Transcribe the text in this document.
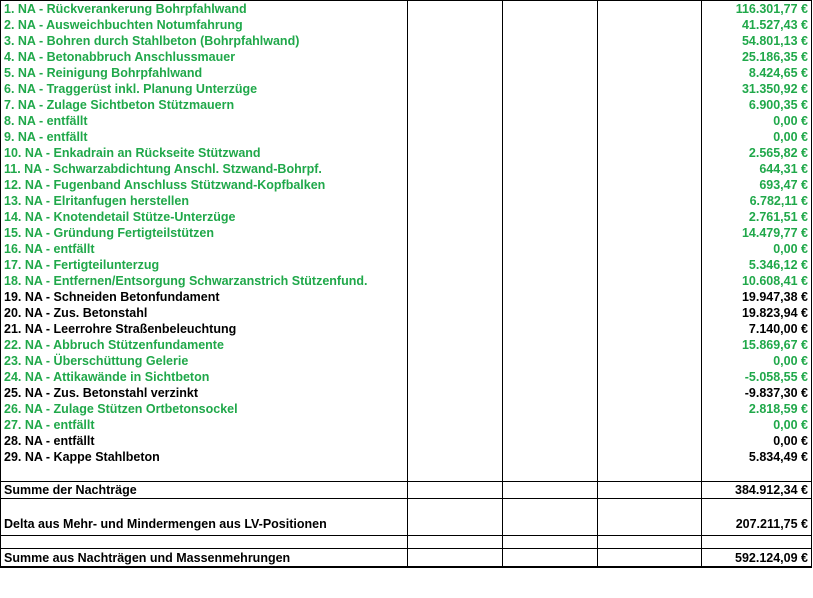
1. NA - Rückverankerung Bohrpfahlwand				116.301,77 €
2. NA - Ausweichbuchten Notumfahrung				41.527,43 €
3. NA - Bohren durch Stahlbeton (Bohrpfahlwand)				54.801,13 €
4. NA - Betonabbruch Anschlussmauer				25.186,35 €
5. NA - Reinigung Bohrpfahlwand				8.424,65 €
6. NA - Traggerüst inkl. Planung Unterzüge				31.350,92 €
7. NA - Zulage Sichtbeton Stützmauern				6.900,35 €
8. NA - entfällt				0,00 €
9. NA - entfällt				0,00 €
10. NA - Enkadrain an Rückseite Stützwand				2.565,82 €
11. NA - Schwarzabdichtung Anschl. Stzwand-Bohrpf.				644,31 €
12. NA - Fugenband Anschluss Stützwand-Kopfbalken				693,47 €
13. NA - Elritanfugen herstellen				6.782,11 €
14. NA - Knotendetail Stütze-Unterzüge				2.761,51 €
15. NA - Gründung Fertigteilstützen				14.479,77 €
16. NA - entfällt				0,00 €
17. NA - Fertigteilunterzug				5.346,12 €
18. NA - Entfernen/Entsorgung Schwarzanstrich Stützenfund.				10.608,41 €
19. NA - Schneiden Betonfundament				19.947,38 €
20. NA - Zus. Betonstahl				19.823,94 €
21. NA - Leerrohre Straßenbeleuchtung				7.140,00 €
22. NA - Abbruch Stützenfundamente				15.869,67 €
23. NA - Überschüttung Gelerie				0,00 €
24. NA - Attikawände in Sichtbeton				-5.058,55 €
25. NA - Zus. Betonstahl verzinkt				-9.837,30 €
26. NA - Zulage Stützen Ortbetonsockel				2.818,59 €
27. NA - entfällt				0,00 €
28. NA - entfällt				0,00 €
29. NA - Kappe Stahlbeton				5.834,49 €

Summe der Nachträge				384.912,34 €

Delta aus Mehr- und Mindermengen aus LV-Positionen				207.211,75 €

Summe aus Nachträgen und Massenmehrungen				592.124,09 €
